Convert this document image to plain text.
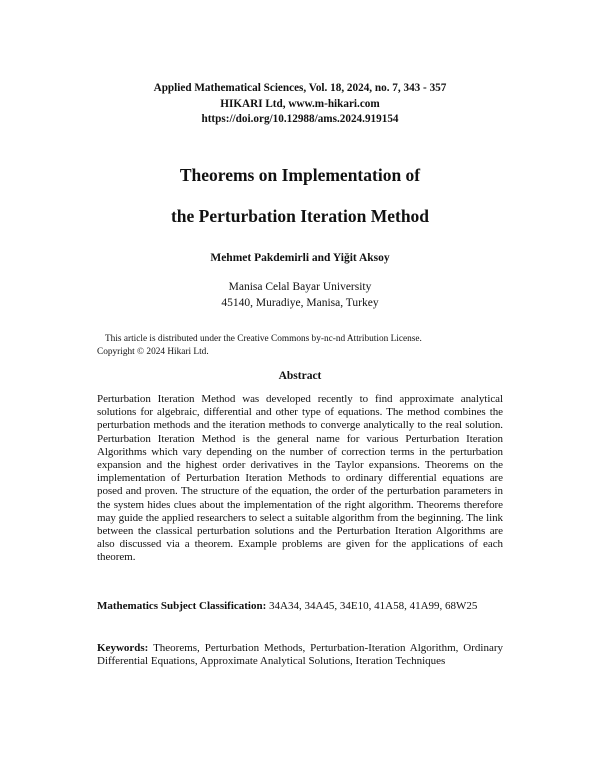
Applied Mathematical Sciences, Vol. 18, 2024, no. 7, 343 - 357
HIKARI Ltd, www.m-hikari.com
https://doi.org/10.12988/ams.2024.919154
Theorems on Implementation of
the Perturbation Iteration Method
Mehmet Pakdemirli and Yiğit Aksoy
Manisa Celal Bayar University
45140, Muradiye, Manisa, Turkey
This article is distributed under the Creative Commons by-nc-nd Attribution License.
Copyright © 2024 Hikari Ltd.
Abstract
Perturbation Iteration Method was developed recently to find approximate analytical solutions for algebraic, differential and other type of equations. The method combines the perturbation methods and the iteration methods to converge analytically to the real solution. Perturbation Iteration Method is the general name for various Perturbation Iteration Algorithms which vary depending on the number of correction terms in the perturbation expansion and the highest order derivatives in the Taylor expansions. Theorems on the implementation of Perturbation Iteration Methods to ordinary differential equations are posed and proven. The structure of the equation, the order of the perturbation parameters in the system hides clues about the implementation of the right algorithm. Theorems therefore may guide the applied researchers to select a suitable algorithm from the beginning. The link between the classical perturbation solutions and the Perturbation Iteration Algorithms are also discussed via a theorem. Example problems are given for the applications of each theorem.
Mathematics Subject Classification: 34A34, 34A45, 34E10, 41A58, 41A99, 68W25
Keywords: Theorems, Perturbation Methods, Perturbation-Iteration Algorithm, Ordinary Differential Equations, Approximate Analytical Solutions, Iteration Techniques
